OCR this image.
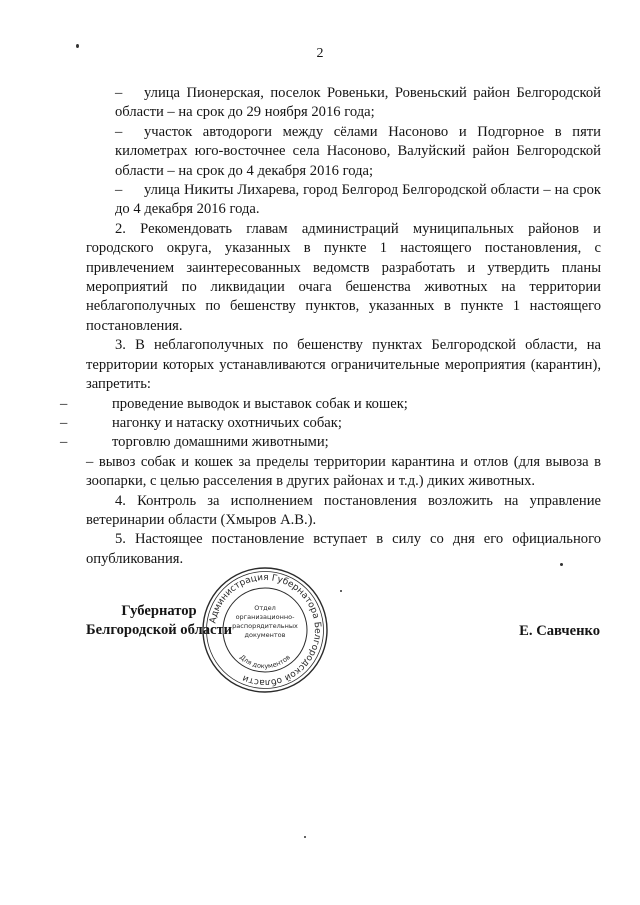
2

– улица Пионерская, поселок Ровеньки, Ровеньский район Белгородской области – на срок до 29 ноября 2016 года;

– участок автодороги между сёлами Насоново и Подгорное в пяти километрах юго-восточнее села Насоново, Валуйский район Белгородской области – на срок до 4 декабря 2016 года;

– улица Никиты Лихарева, город Белгород Белгородской области – на срок до 4 декабря 2016 года.

2. Рекомендовать главам администраций муниципальных районов и городского округа, указанных в пункте 1 настоящего постановления, с привлечением заинтересованных ведомств разработать и утвердить планы мероприятий по ликвидации очага бешенства животных на территории неблагополучных по бешенству пунктов, указанных в пункте 1 настоящего постановления.

3. В неблагополучных по бешенству пунктах Белгородской области, на территории которых устанавливаются ограничительные мероприятия (карантин), запретить:

–	проведение выводок и выставок собак и кошек;

–	нагонку и натаску охотничьих собак;

–	торговлю домашними животными;

– вывоз собак и кошек за пределы территории карантина и отлов (для вывоза в зоопарки, с целью расселения в других районах и т.д.) диких животных.

4. Контроль за исполнением постановления возложить на управление ветеринарии области (Хмыров А.В.).

5. Настоящее постановление вступает в силу со дня его официального опубликования.

Губернатор
Белгородской области	Е. Савченко
Администрация Губернатора Белгородской области
Отдел
организационно-
распорядительных
документов
Для документов
